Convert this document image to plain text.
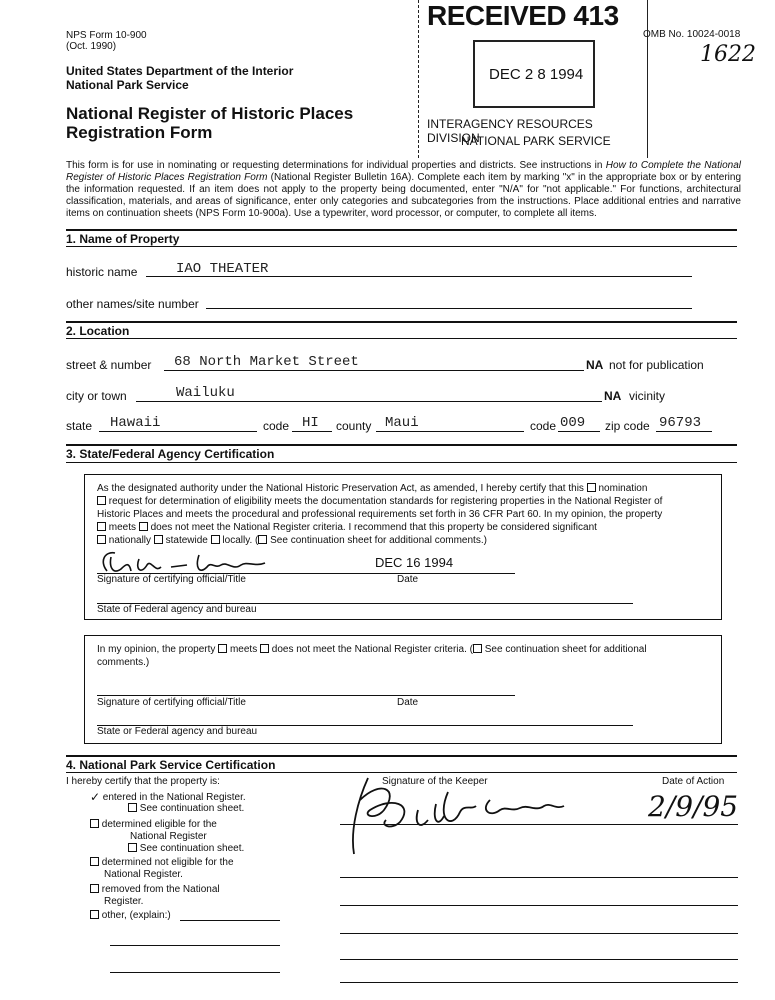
NPS Form 10-900
(Oct. 1990)
OMB No. 10024-0018
1622
United States Department of the Interior
National Park Service
National Register of Historic Places
Registration Form
RECEIVED 413
DEC 2 8 1994
INTERAGENCY RESOURCES DIVISION
NATIONAL PARK SERVICE
This form is for use in nominating or requesting determinations for individual properties and districts. See instructions in How to Complete the National Register of Historic Places Registration Form (National Register Bulletin 16A). Complete each item by marking "x" in the appropriate box or by entering the information requested. If an item does not apply to the property being documented, enter "N/A" for "not applicable." For functions, architectural classification, materials, and areas of significance, enter only categories and subcategories from the instructions. Place additional entries and narrative items on continuation sheets (NPS Form 10-900a). Use a typewriter, word processor, or computer, to complete all items.
1. Name of Property
historic name	IAO THEATER
other names/site number
2. Location
street & number 68 North Market Street	NA not for publication
city or town	Wailuku	NA vicinity
state Hawaii	code HI county Maui	code 009 zip code 96793
3. State/Federal Agency Certification
As the designated authority under the National Historic Preservation Act, as amended, I hereby certify that this nomination
request for determination of eligibility meets the documentation standards for registering properties in the National Register of
Historic Places and meets the procedural and professional requirements set forth in 36 CFR Part 60. In my opinion, the property
meets does not meet the National Register criteria. I recommend that this property be considered significant
nationally statewide locally. ( See continuation sheet for additional comments.)
DEC 16 1994
Signature of certifying official/Title	Date
State of Federal agency and bureau
In my opinion, the property meets does not meet the National Register criteria. ( See continuation sheet for additional
comments.)
Signature of certifying official/Title	Date
State or Federal agency and bureau
4. National Park Service Certification
I hereby certify that the property is:	Signature of the Keeper	Date of Action
2/9/95
✓ entered in the National Register.
See continuation sheet.
determined eligible for the
National Register
See continuation sheet.
determined not eligible for the
National Register.
removed from the National
Register.
other, (explain:)
